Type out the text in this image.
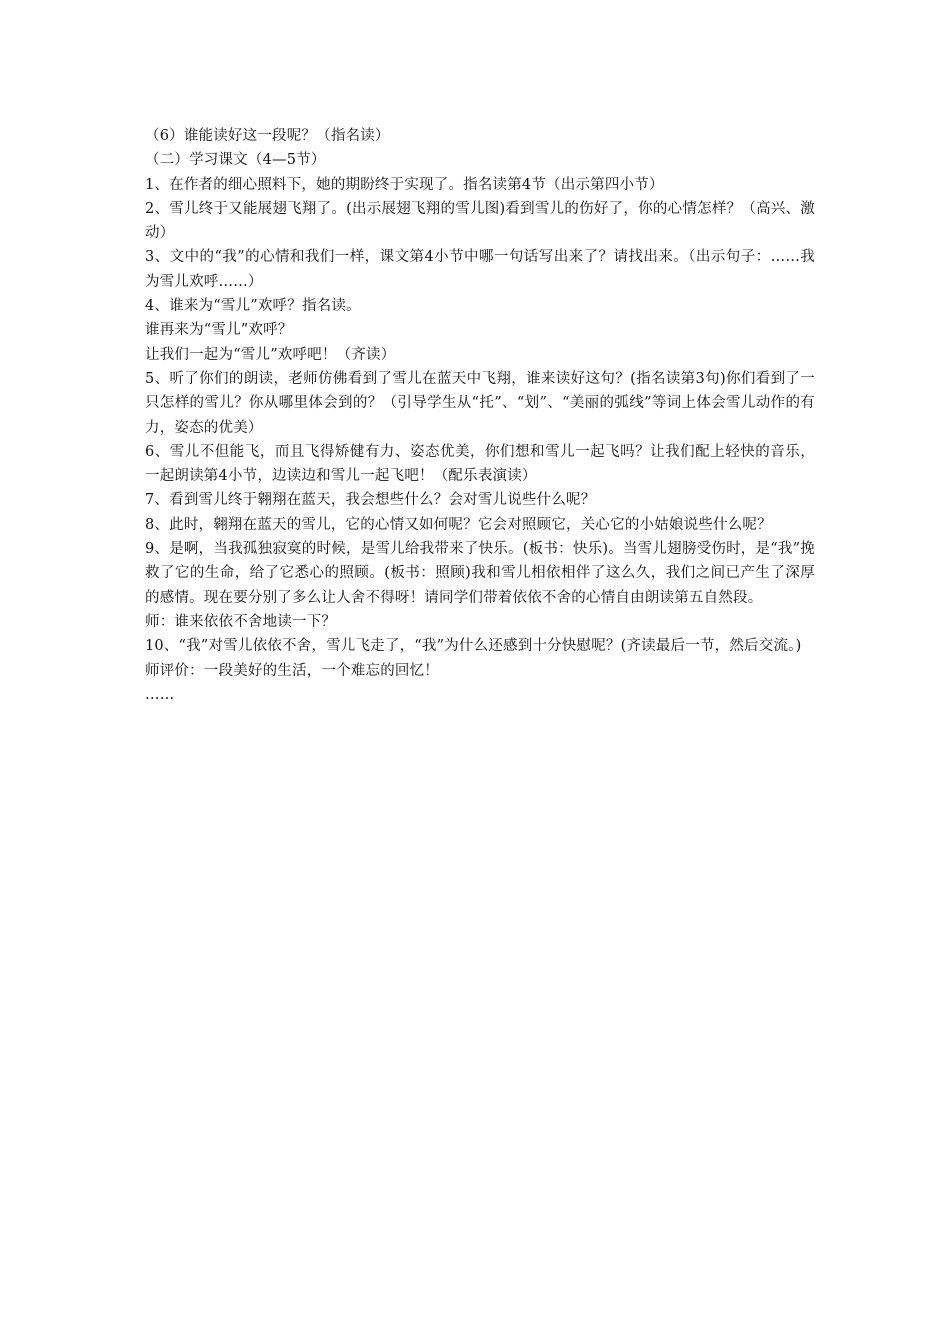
（6）谁能读好这一段呢？（指名读）

（二）学习课文（4—5节）

1、在作者的细心照料下，她的期盼终于实现了。指名读第4节（出示第四小节）

2、雪儿终于又能展翅飞翔了。(出示展翅飞翔的雪儿图)看到雪儿的伤好了，你的心情怎样？（高兴、激动）

3、文中的“我”的心情和我们一样，课文第4小节中哪一句话写出来了？请找出来。（出示句子：……我为雪儿欢呼……）

4、谁来为“雪儿”欢呼？指名读。

谁再来为“雪儿”欢呼？

让我们一起为“雪儿”欢呼吧！（齐读）

5、听了你们的朗读，老师仿佛看到了雪儿在蓝天中飞翔，谁来读好这句？(指名读第3句)你们看到了一只怎样的雪儿？你从哪里体会到的？（引导学生从“托”、“划”、“美丽的弧线”等词上体会雪儿动作的有力，姿态的优美）

6、雪儿不但能飞，而且飞得矫健有力、姿态优美，你们想和雪儿一起飞吗？让我们配上轻快的音乐，一起朗读第4小节，边读边和雪儿一起飞吧！（配乐表演读）

7、看到雪儿终于翱翔在蓝天，我会想些什么？会对雪儿说些什么呢？

8、此时，翱翔在蓝天的雪儿，它的心情又如何呢？它会对照顾它，关心它的小姑娘说些什么呢？

9、是啊，当我孤独寂寞的时候，是雪儿给我带来了快乐。(板书：快乐)。当雪儿翅膀受伤时，是“我”挽救了它的生命，给了它悉心的照顾。(板书：照顾)我和雪儿相依相伴了这么久，我们之间已产生了深厚的感情。现在要分别了多么让人舍不得呀！请同学们带着依依不舍的心情自由朗读第五自然段。

师：谁来依依不舍地读一下？

10、“我”对雪儿依依不舍，雪儿飞走了，“我”为什么还感到十分快慰呢？(齐读最后一节，然后交流。)

师评价：一段美好的生活，一个难忘的回忆！

……
